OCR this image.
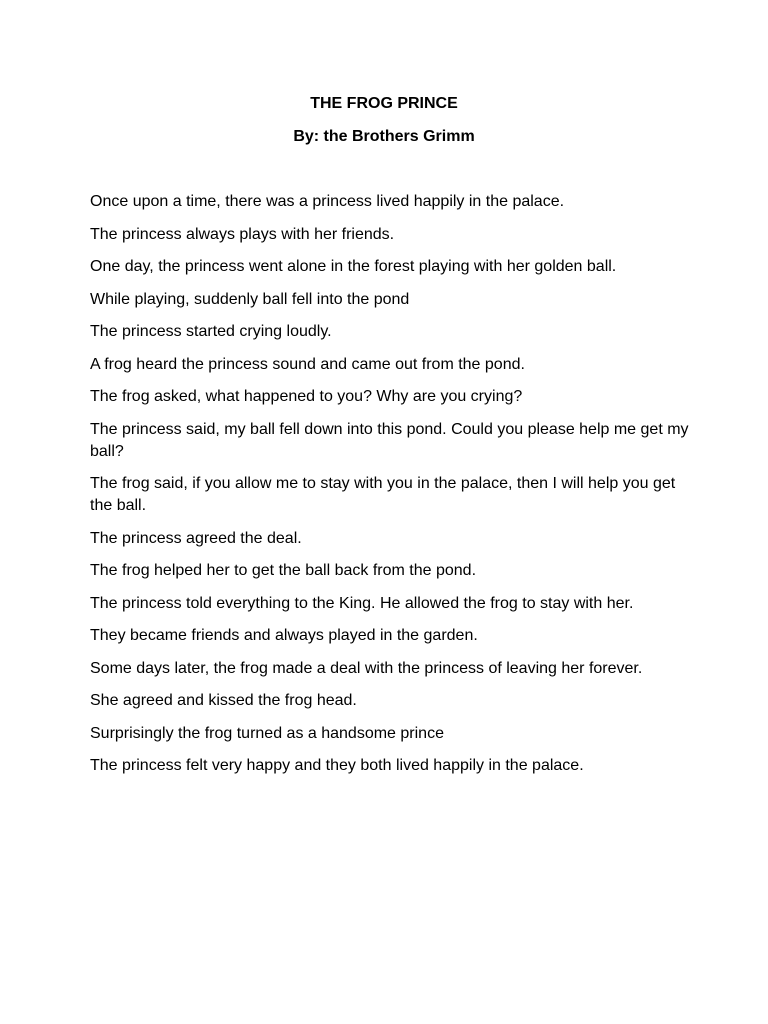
THE FROG PRINCE
By: the Brothers Grimm

Once upon a time, there was a princess lived happily in the palace.

The princess always plays with her friends.

One day, the princess went alone in the forest playing with her golden ball.

While playing, suddenly ball fell into the pond

The princess started crying loudly.

A frog heard the princess sound and came out from the pond.

The frog asked, what happened to you? Why are you crying?

The princess said, my ball fell down into this pond. Could you please help me get my ball?

The frog said, if you allow me to stay with you in the palace, then I will help you get the ball.

The princess agreed the deal.

The frog helped her to get the ball back from the pond.

The princess told everything to the King. He allowed the frog to stay with her.

They became friends and always played in the garden.

Some days later, the frog made a deal with the princess of leaving her forever.

She agreed and kissed the frog head.

Surprisingly the frog turned as a handsome prince

The princess felt very happy and they both lived happily in the palace.
